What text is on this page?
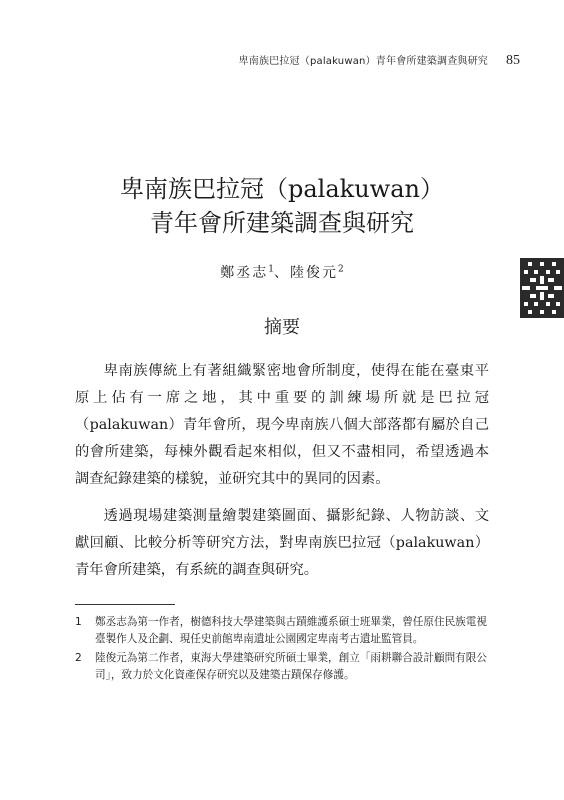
卑南族巴拉冠（palakuwan）青年會所建築調查與研究 85
卑南族巴拉冠（palakuwan）
青年會所建築調查與研究
鄭丞志$^1$、陸俊元$^2$
摘要

卑南族傳統上有著組織緊密地會所制度，使得在能在臺東平原上佔有一席之地，其中重要的訓練場所就是巴拉冠（palakuwan）青年會所，現今卑南族八個大部落都有屬於自己的會所建築，每棟外觀看起來相似，但又不盡相同，希望透過本調查紀錄建築的樣貌，並研究其中的異同的因素。

透過現場建築測量繪製建築圖面、攝影紀錄、人物訪談、文獻回顧、比較分析等研究方法，對卑南族巴拉冠（palakuwan）青年會所建築，有系統的調查與研究。

1	鄭丞志為第一作者，樹德科技大學建築與古蹟維護系碩士班畢業，曾任原住民族電視臺製作人及企劃、現任史前館卑南遺址公園國定卑南考古遺址監管員。
2	陸俊元為第二作者，東海大學建築研究所碩士畢業，創立「雨耕聯合設計顧問有限公司」，致力於文化資產保存研究以及建築古蹟保存修護。
